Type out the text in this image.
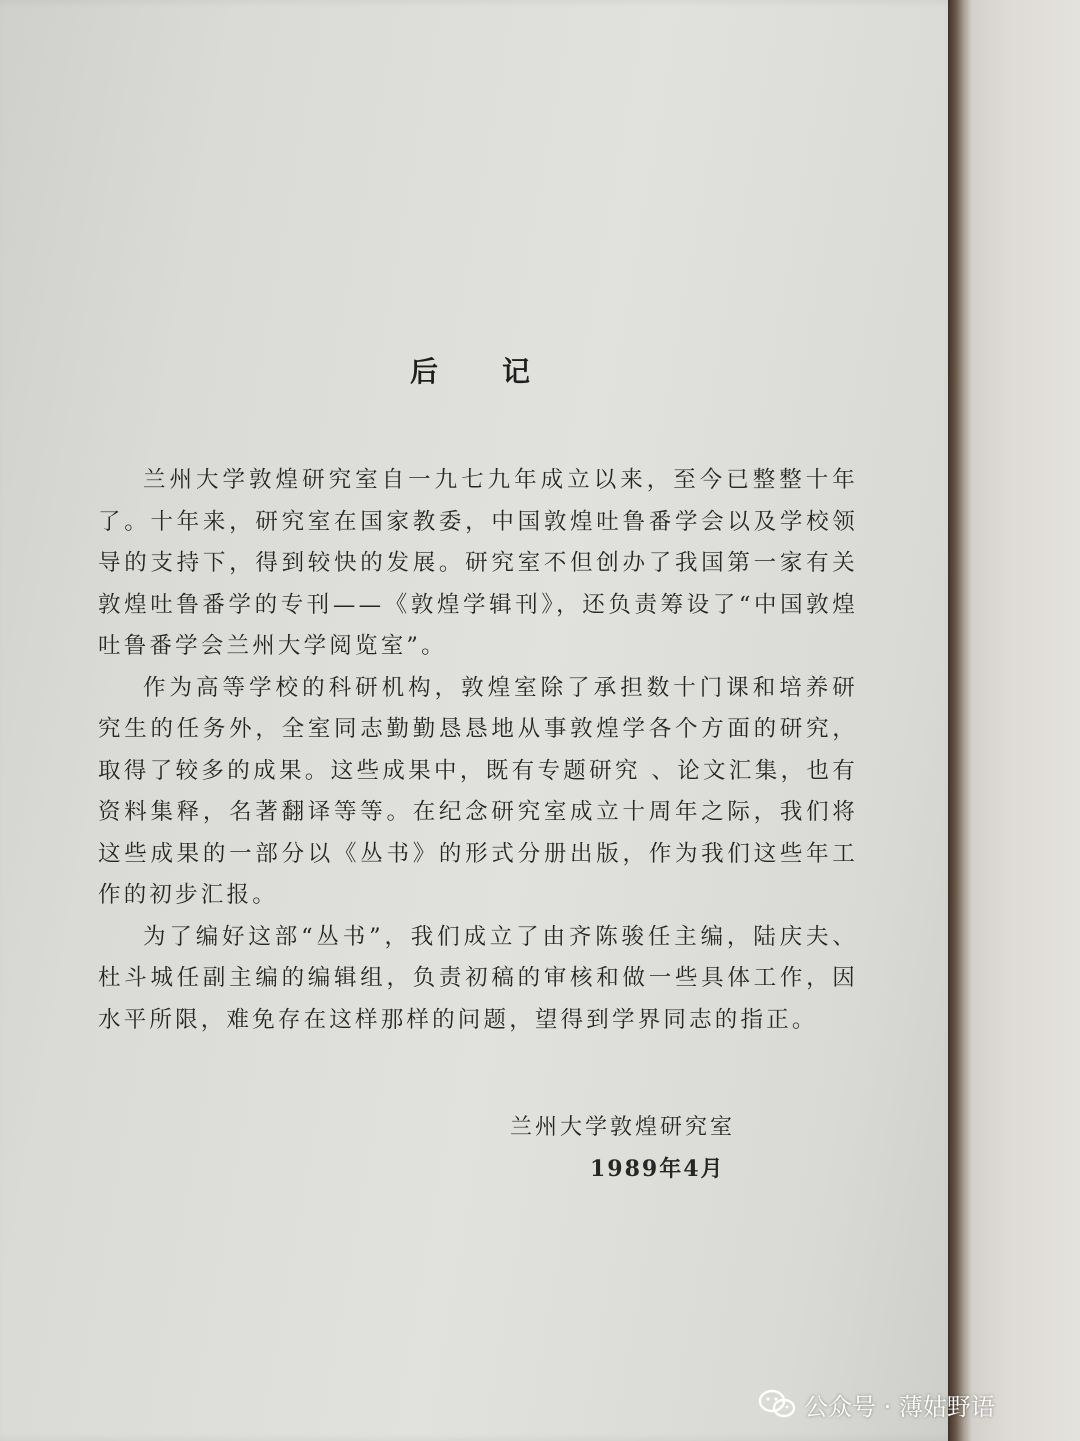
后记

兰州大学敦煌研究室自一九七九年成立以来，至今已整整十年了。十年来，研究室在国家教委，中国敦煌吐鲁番学会以及学校领导的支持下，得到较快的发展。研究室不但创办了我国第一家有关敦煌吐鲁番学的专刊——《敦煌学辑刊》，还负责筹设了“中国敦煌吐鲁番学会兰州大学阅览室”。

作为高等学校的科研机构，敦煌室除了承担数十门课和培养研究生的任务外，全室同志勤勤恳恳地从事敦煌学各个方面的研究，取得了较多的成果。这些成果中，既有专题研究 、论文汇集，也有资料集释，名著翻译等等。在纪念研究室成立十周年之际，我们将这些成果的一部分以《丛书》的形式分册出版，作为我们这些年工作的初步汇报。

为了编好这部“丛书”，我们成立了由齐陈骏任主编，陆庆夫、杜斗城任副主编的编辑组，负责初稿的审核和做一些具体工作，因水平所限，难免存在这样那样的问题，望得到学界同志的指正。

兰州大学敦煌研究室
1989年4月
公众号 · 薄姑野语
